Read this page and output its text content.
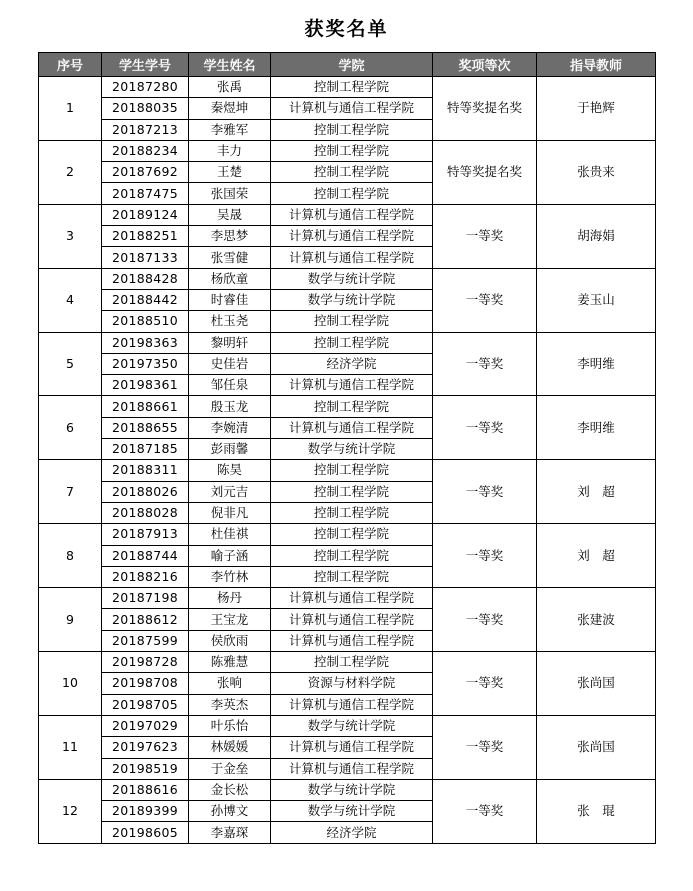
获奖名单
序号	学生学号	学生姓名	学院	奖项等次	指导教师
1	20187280	张禹	控制工程学院	特等奖提名奖	于艳辉
	20188035	秦煜坤	计算机与通信工程学院		
	20187213	李雅军	控制工程学院		
2	20188234	丰力	控制工程学院	特等奖提名奖	张贵来
	20187692	王楚	控制工程学院		
	20187475	张国荣	控制工程学院		
3	20189124	吴晟	计算机与通信工程学院	一等奖	胡海娟
	20188251	李思梦	计算机与通信工程学院		
	20187133	张雪健	计算机与通信工程学院		
4	20188428	杨欣童	数学与统计学院	一等奖	姜玉山
	20188442	时睿佳	数学与统计学院		
	20188510	杜玉尧	控制工程学院		
5	20198363	黎明轩	控制工程学院	一等奖	李明维
	20197350	史佳岩	经济学院		
	20198361	邹任泉	计算机与通信工程学院		
6	20188661	殷玉龙	控制工程学院	一等奖	李明维
	20188655	李婉清	计算机与通信工程学院		
	20187185	彭雨馨	数学与统计学院		
7	20188311	陈昊	控制工程学院	一等奖	刘　超
	20188026	刘元吉	控制工程学院		
	20188028	倪非凡	控制工程学院		
8	20187913	杜佳祺	控制工程学院	一等奖	刘　超
	20188744	喻子涵	控制工程学院		
	20188216	李竹林	控制工程学院		
9	20187198	杨丹	计算机与通信工程学院	一等奖	张建波
	20188612	王宝龙	计算机与通信工程学院		
	20187599	侯欣雨	计算机与通信工程学院		
10	20198728	陈雅慧	控制工程学院	一等奖	张尚国
	20198708	张响	资源与材料学院		
	20198705	李英杰	计算机与通信工程学院		
11	20197029	叶乐怡	数学与统计学院	一等奖	张尚国
	20197623	林媛媛	计算机与通信工程学院		
	20198519	于金垒	计算机与通信工程学院		
12	20188616	金长松	数学与统计学院	一等奖	张　琨
	20189399	孙博文	数学与统计学院		
	20198605	李嘉琛	经济学院		
